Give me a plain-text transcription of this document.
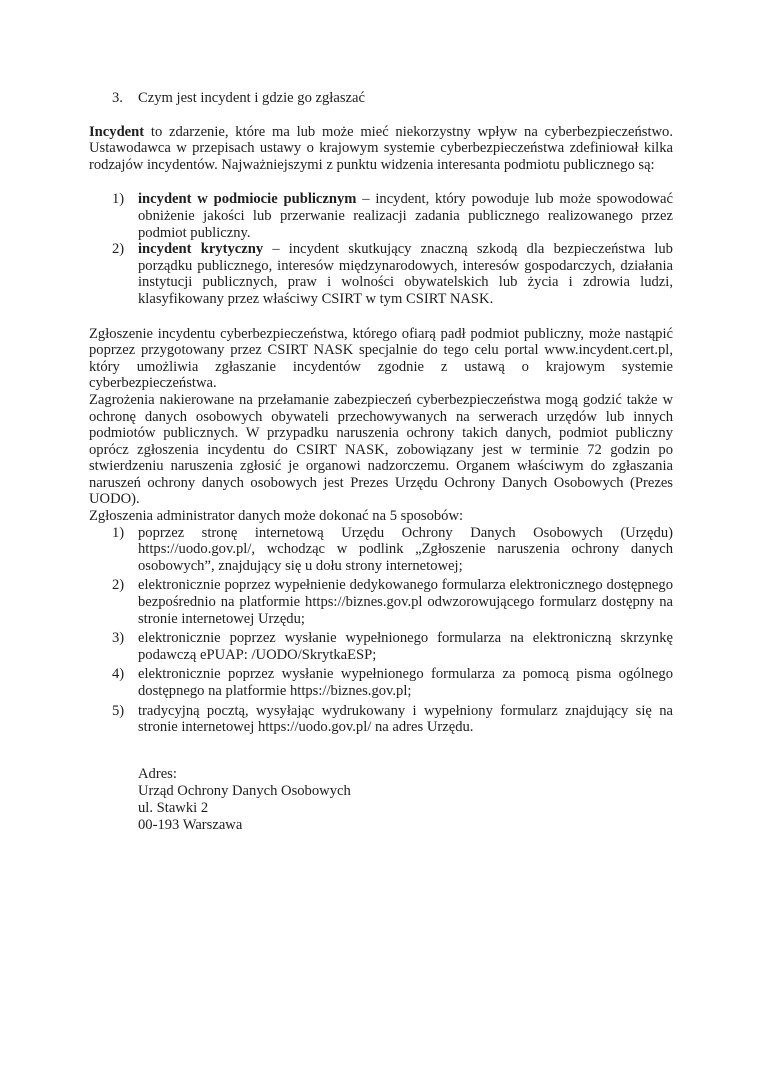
3. Czym jest incydent i gdzie go zgłaszać

Incydent to zdarzenie, które ma lub może mieć niekorzystny wpływ na cyberbezpieczeństwo. Ustawodawca w przepisach ustawy o krajowym systemie cyberbezpieczeństwa zdefiniował kilka rodzajów incydentów. Najważniejszymi z punktu widzenia interesanta podmiotu publicznego są:

1) incydent w podmiocie publicznym – incydent, który powoduje lub może spowodować obniżenie jakości lub przerwanie realizacji zadania publicznego realizowanego przez podmiot publiczny.
2) incydent krytyczny – incydent skutkujący znaczną szkodą dla bezpieczeństwa lub porządku publicznego, interesów międzynarodowych, interesów gospodarczych, działania instytucji publicznych, praw i wolności obywatelskich lub życia i zdrowia ludzi, klasyfikowany przez właściwy CSIRT w tym CSIRT NASK.

Zgłoszenie incydentu cyberbezpieczeństwa, którego ofiarą padł podmiot publiczny, może nastąpić poprzez przygotowany przez CSIRT NASK specjalnie do tego celu portal www.incydent.cert.pl, który umożliwia zgłaszanie incydentów zgodnie z ustawą o krajowym systemie cyberbezpieczeństwa.

Zagrożenia nakierowane na przełamanie zabezpieczeń cyberbezpieczeństwa mogą godzić także w ochronę danych osobowych obywateli przechowywanych na serwerach urzędów lub innych podmiotów publicznych. W przypadku naruszenia ochrony takich danych, podmiot publiczny oprócz zgłoszenia incydentu do CSIRT NASK, zobowiązany jest w terminie 72 godzin po stwierdzeniu naruszenia zgłosić je organowi nadzorczemu. Organem właściwym do zgłaszania naruszeń ochrony danych osobowych jest Prezes Urzędu Ochrony Danych Osobowych (Prezes UODO).

Zgłoszenia administrator danych może dokonać na 5 sposobów:

1) poprzez stronę internetową Urzędu Ochrony Danych Osobowych (Urzędu) https://uodo.gov.pl/, wchodząc w podlink „Zgłoszenie naruszenia ochrony danych osobowych”, znajdujący się u dołu strony internetowej;
2) elektronicznie poprzez wypełnienie dedykowanego formularza elektronicznego dostępnego bezpośrednio na platformie https://biznes.gov.pl odwzorowującego formularz dostępny na stronie internetowej Urzędu;
3) elektronicznie poprzez wysłanie wypełnionego formularza na elektroniczną skrzynkę podawczą ePUAP: /UODO/SkrytkaESP;
4) elektronicznie poprzez wysłanie wypełnionego formularza za pomocą pisma ogólnego dostępnego na platformie https://biznes.gov.pl;
5) tradycyjną pocztą, wysyłając wydrukowany i wypełniony formularz znajdujący się na stronie internetowej https://uodo.gov.pl/ na adres Urzędu.
Adres:
Urząd Ochrony Danych Osobowych
ul. Stawki 2
00-193 Warszawa
